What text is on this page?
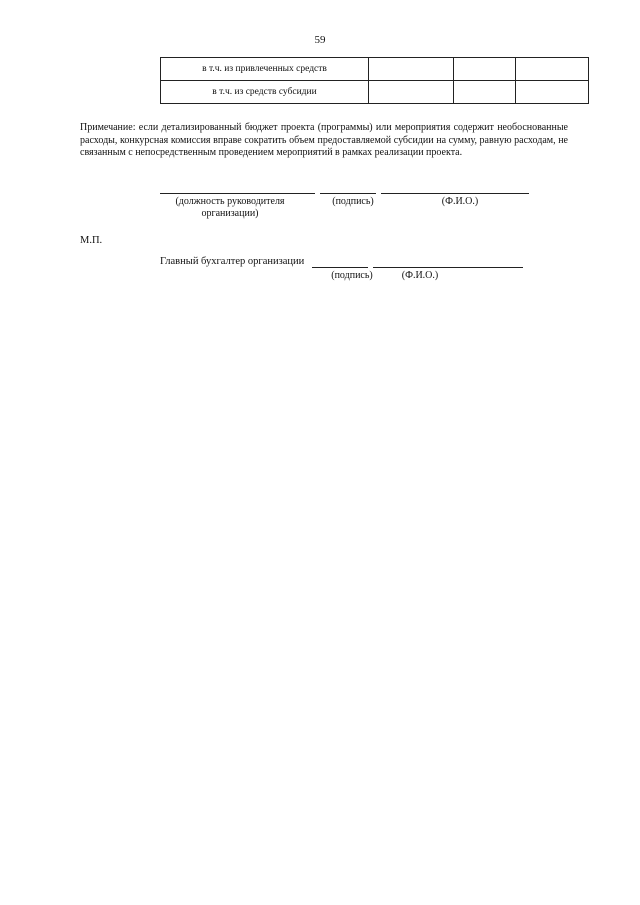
59
в т.ч. из привлеченных средств			
в т.ч. из средств субсидии			

Примечание: если детализированный бюджет проекта (программы) или мероприятия содержит необоснованные расходы, конкурсная комиссия вправе сократить объем предоставляемой субсидии на сумму, равную расходам, не связанным с непосредственным проведением мероприятий в рамках реализации проекта.

(должность руководителя организации)
(подпись)	(Ф.И.О.)
М.П.
Главный бухгалтер организации
(подпись)	(Ф.И.О.)
